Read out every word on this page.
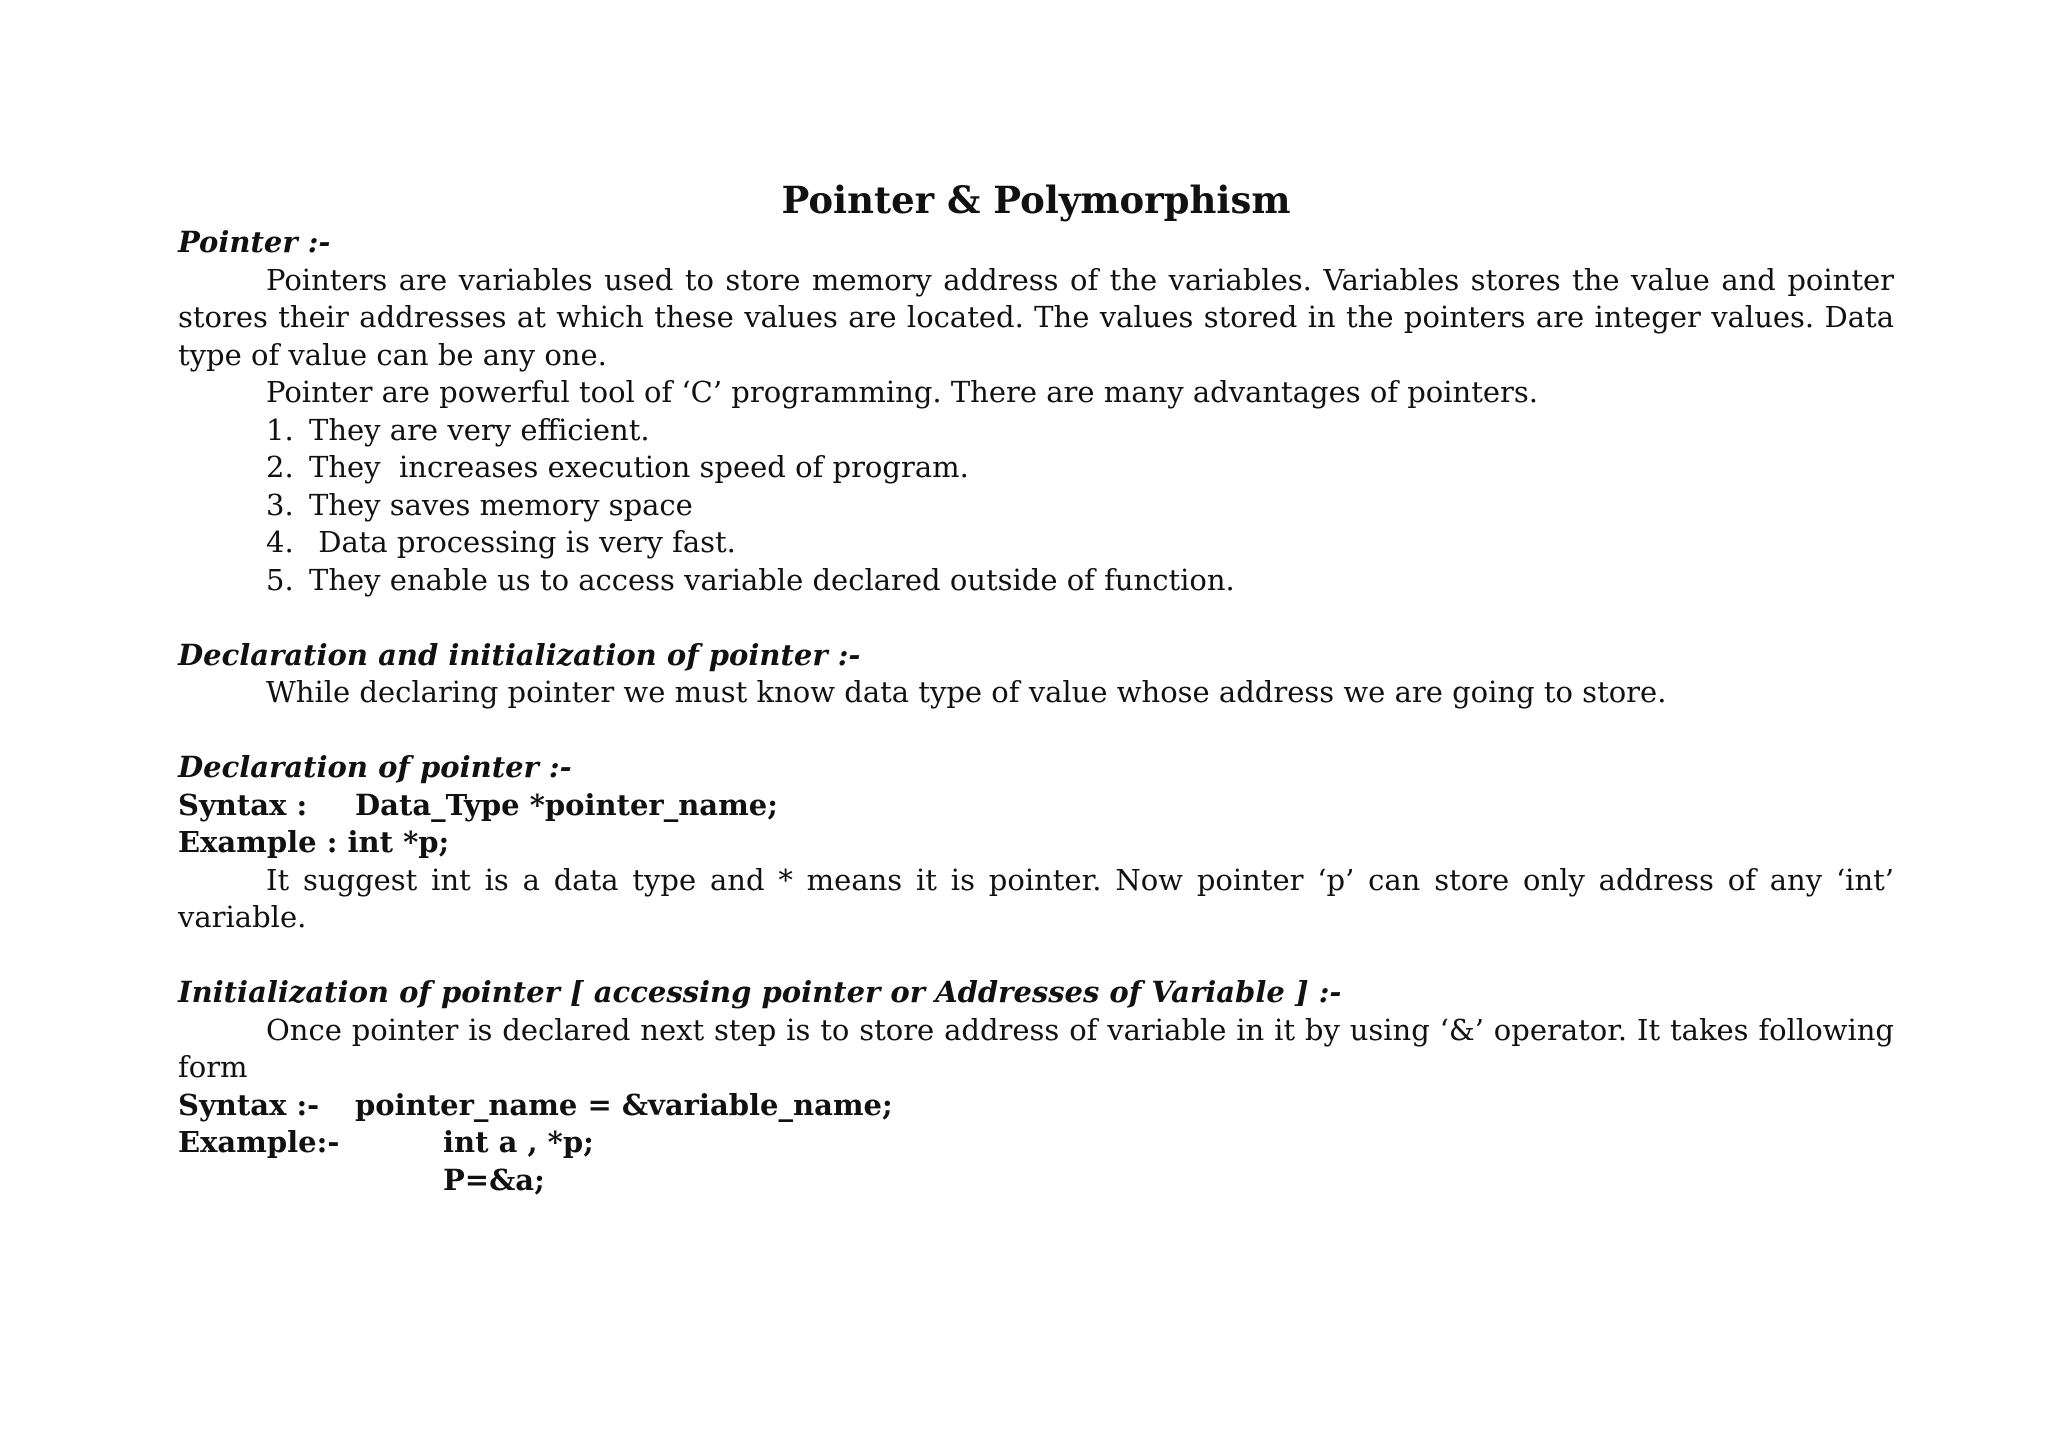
Pointer & Polymorphism
Pointer :-

Pointers are variables used to store memory address of the variables. Variables stores the value and pointer stores their addresses at which these values are located. The values stored in the pointers are integer values. Data type of value can be any one.

Pointer are powerful tool of ‘C’ programming. There are many advantages of pointers.

1. They are very efficient.
2. They  increases execution speed of program.
3. They saves memory space
4. Data processing is very fast.
5. They enable us to access variable declared outside of function.
Declaration and initialization of pointer :-

While declaring pointer we must know data type of value whose address we are going to store.

Declaration of pointer :-
Syntax : Data_Type *pointer_name;
Example : int *p;

It suggest int is a data type and * means it is pointer. Now pointer ‘p’ can store only address of any ‘int’ variable.

Initialization of pointer [ accessing pointer or Addresses of Variable ] :-

Once pointer is declared next step is to store address of variable in it by using ‘&’ operator. It takes following form

Syntax :- pointer_name = &variable_name;
Example:-	int a , *p;
P=&a;
